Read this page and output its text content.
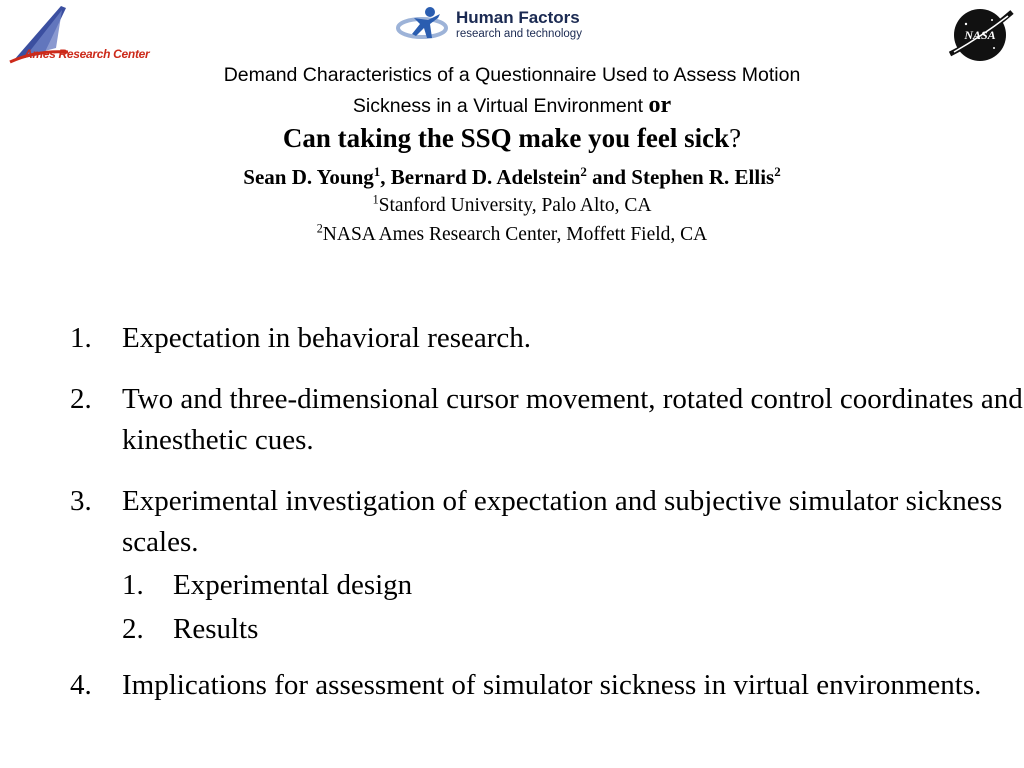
Ames Research Center
Human Factors
research and technology	NASA

Demand Characteristics of a Questionnaire Used to Assess Motion

Sickness in a Virtual Environment or

Can taking the SSQ make you feel sick?

Sean D. Young$^1$, Bernard D. Adelstein$^2$ and Stephen R. Ellis$^2$
$^1$Stanford University, Palo Alto, CA
$^2$NASA Ames Research Center, Moffett Field, CA
1. Expectation in behavioral research.
2. Two and three-dimensional cursor movement, rotated control coordinates and kinesthetic cues.
3. Experimental investigation of expectation and subjective simulator sickness scales.
1. Experimental design
2. Results
4. Implications for assessment of simulator sickness in virtual environments.
